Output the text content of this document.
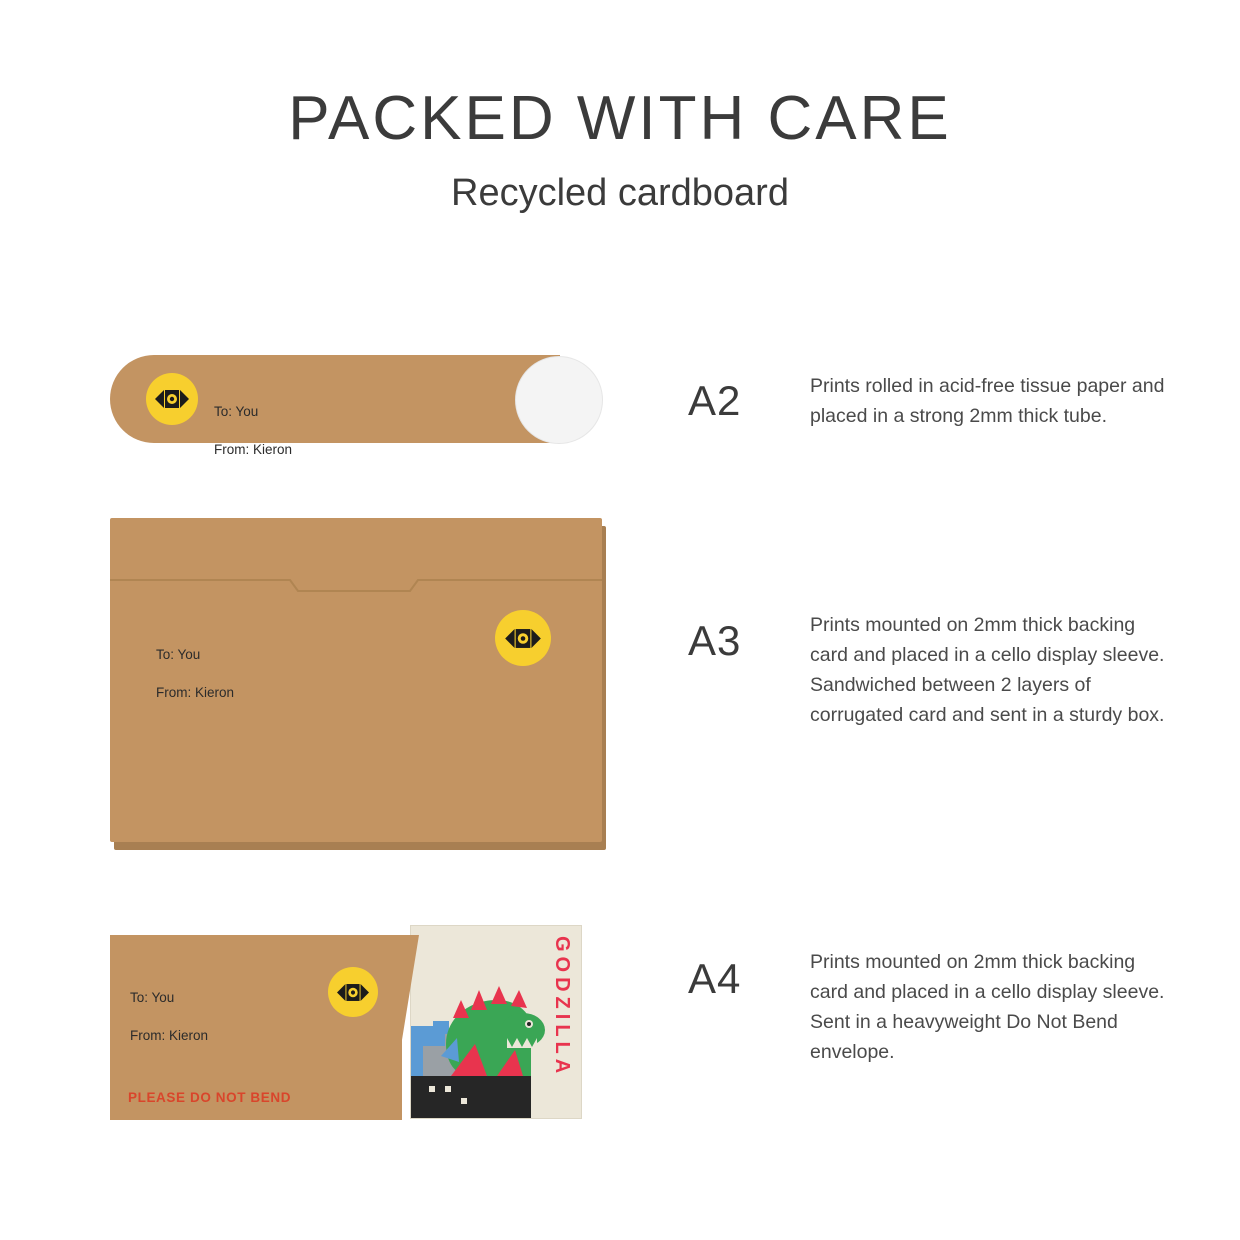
PACKED WITH CARE
Recycled cardboard

To: You

From: Kieron

A2	Prints rolled in acid-free tissue paper and placed in a strong 2mm thick tube.

To: You

From: Kieron

A3	Prints mounted on 2mm thick backing card and placed in a cello display sleeve. Sandwiched between 2 layers of corrugated card and sent in a sturdy box.
GODZILLA

To: You

From: Kieron

PLEASE DO NOT BEND
A4	Prints mounted on 2mm thick backing card and placed in a cello display sleeve. Sent in a heavyweight Do Not Bend envelope.
